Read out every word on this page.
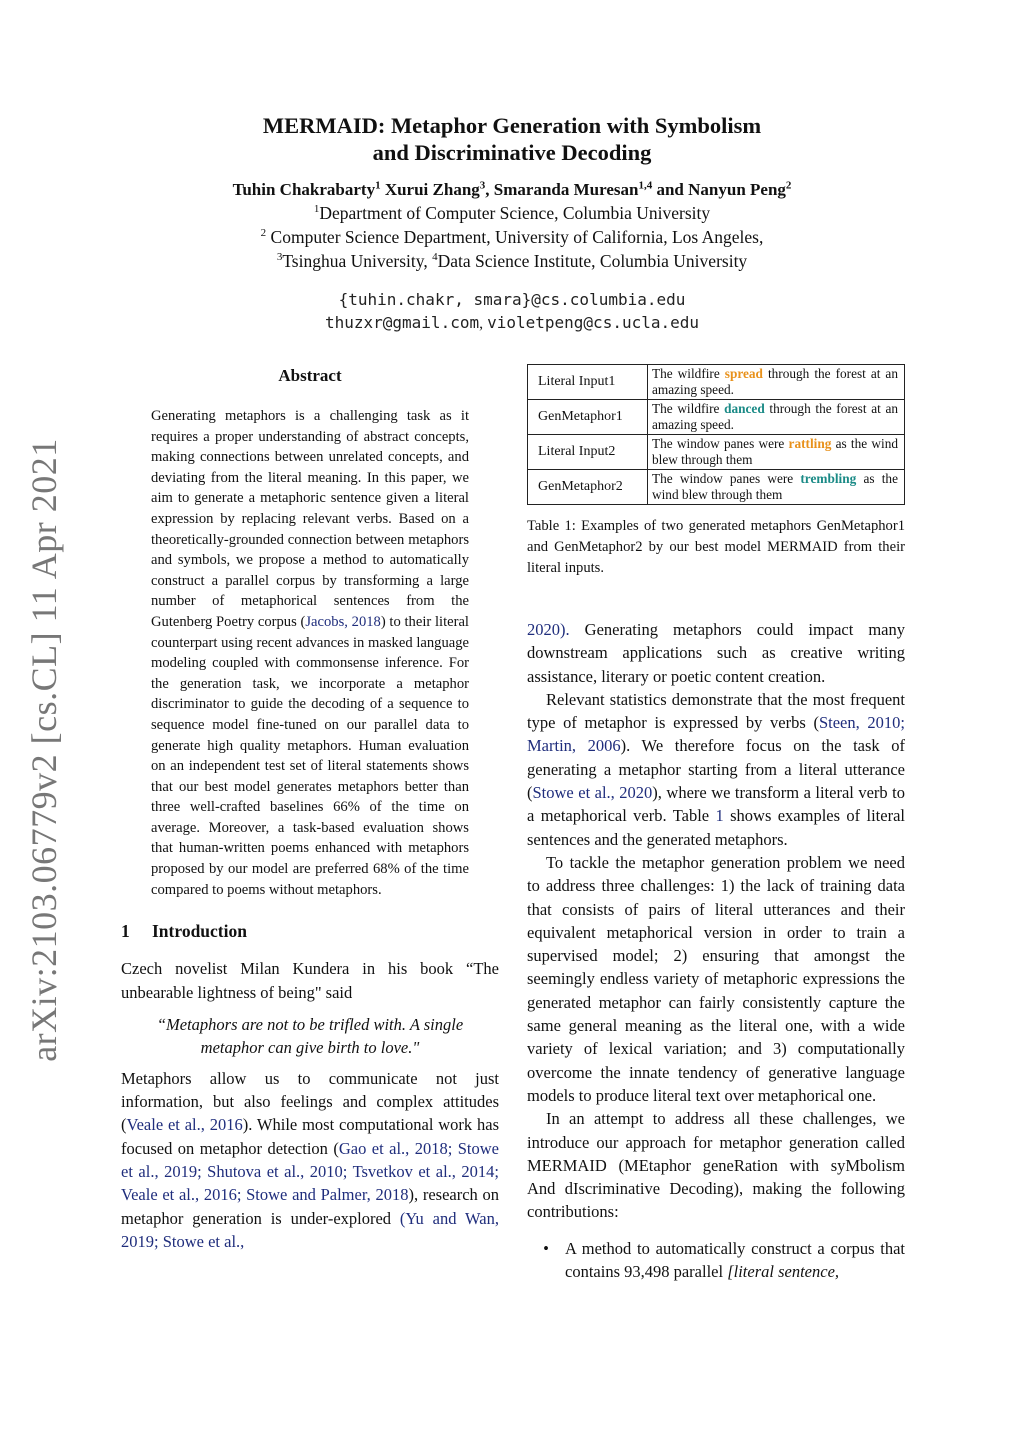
arXiv:2103.06779v2 [cs.CL] 11 Apr 2021
MERMAID: Metaphor Generation with Symbolism
and Discriminative Decoding
Tuhin Chakrabarty$^1$ Xurui Zhang$^3$, Smaranda Muresan$^{1,4}$ and Nanyun Peng$^2$
$^1$Department of Computer Science, Columbia University
$^2$ Computer Science Department, University of California, Los Angeles,
$^3$Tsinghua University, $^4$Data Science Institute, Columbia University
{tuhin.chakr, smara}@cs.columbia.edu
thuzxr@gmail.com, violetpeng@cs.ucla.edu
Abstract
Generating metaphors is a challenging task as it requires a proper understanding of abstract concepts, making connections between unrelated concepts, and deviating from the literal meaning. In this paper, we aim to generate a metaphoric sentence given a literal expression by replacing relevant verbs. Based on a theoretically-grounded connection between metaphors and symbols, we propose a method to automatically construct a parallel corpus by transforming a large number of metaphorical sentences from the Gutenberg Poetry corpus (Jacobs, 2018) to their literal counterpart using recent advances in masked language modeling coupled with commonsense inference. For the generation task, we incorporate a metaphor discriminator to guide the decoding of a sequence to sequence model fine-tuned on our parallel data to generate high quality metaphors. Human evaluation on an independent test set of literal statements shows that our best model generates metaphors better than three well-crafted baselines 66% of the time on average. Moreover, a task-based evaluation shows that human-written poems enhanced with metaphors proposed by our model are preferred 68% of the time compared to poems without metaphors.
1 Introduction

Czech novelist Milan Kundera in his book “The unbearable lightness of being" said

“Metaphors are not to be trifled with. A single
metaphor can give birth to love."

Metaphors allow us to communicate not just information, but also feelings and complex attitudes (Veale et al., 2016). While most computational work has focused on metaphor detection (Gao et al., 2018; Stowe et al., 2019; Shutova et al., 2010; Tsvetkov et al., 2014; Veale et al., 2016; Stowe and Palmer, 2018), research on metaphor generation is under-explored (Yu and Wan, 2019; Stowe et al.,

Literal Input1	The wildfire spread through the forest at an amazing speed.
GenMetaphor1	The wildfire danced through the forest at an amazing speed.
Literal Input2	The window panes were rattling as the wind blew through them
GenMetaphor2	The window panes were trembling as the wind blew through them
Table 1: Examples of two generated metaphors GenMetaphor1 and GenMetaphor2 by our best model MERMAID from their literal inputs.

2020). Generating metaphors could impact many downstream applications such as creative writing assistance, literary or poetic content creation.

Relevant statistics demonstrate that the most frequent type of metaphor is expressed by verbs (Steen, 2010; Martin, 2006). We therefore focus on the task of generating a metaphor starting from a literal utterance (Stowe et al., 2020), where we transform a literal verb to a metaphorical verb. Table 1 shows examples of literal sentences and the generated metaphors.

To tackle the metaphor generation problem we need to address three challenges: 1) the lack of training data that consists of pairs of literal utterances and their equivalent metaphorical version in order to train a supervised model; 2) ensuring that amongst the seemingly endless variety of metaphoric expressions the generated metaphor can fairly consistently capture the same general meaning as the literal one, with a wide variety of lexical variation; and 3) computationally overcome the innate tendency of generative language models to produce literal text over metaphorical one.

In an attempt to address all these challenges, we introduce our approach for metaphor generation called MERMAID (MEtaphor geneRation with syMbolism And dIscriminative Decoding), making the following contributions:

• A method to automatically construct a corpus that contains 93,498 parallel [literal sentence,
